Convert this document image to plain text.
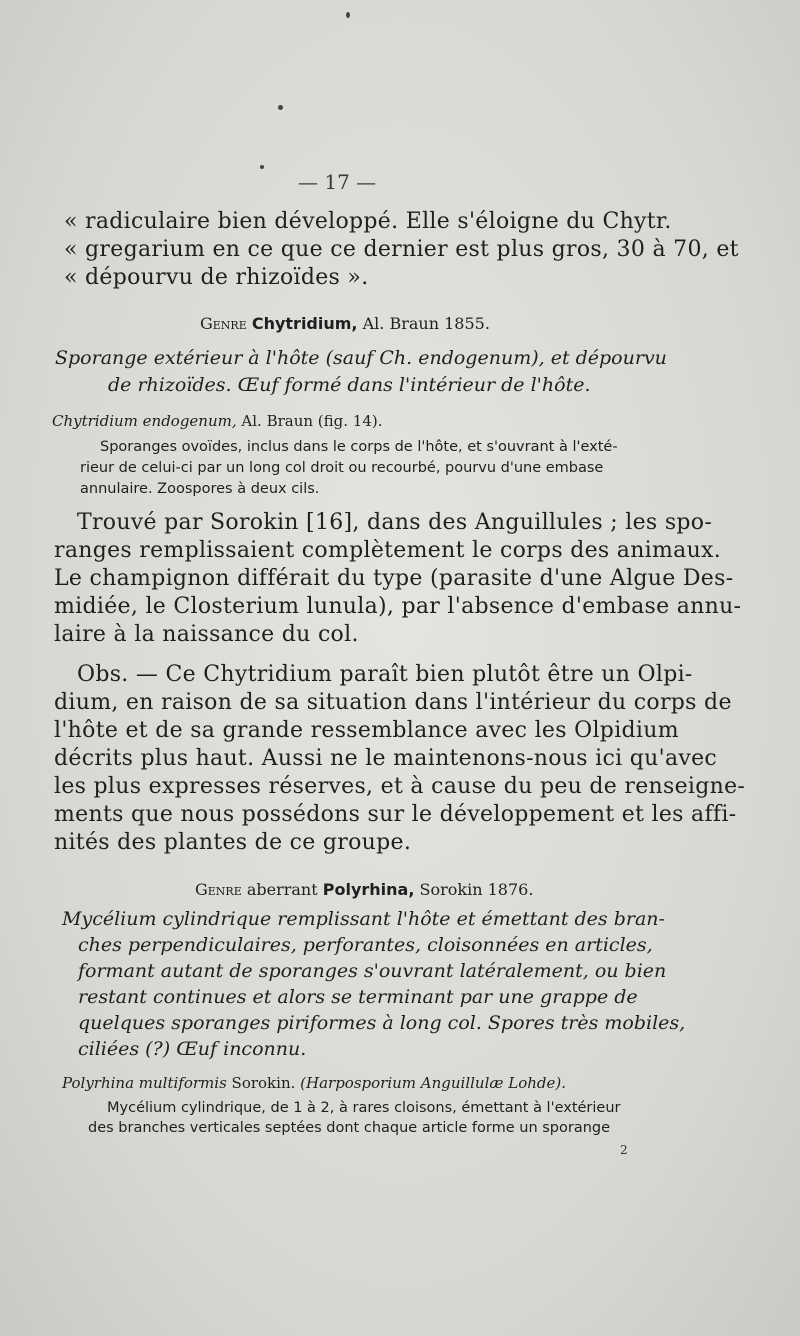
— 17 —
« radiculaire bien développé. Elle s'éloigne du Chytr.
« gregarium en ce que ce dernier est plus gros, 30 à 70, et
« dépourvu de rhizoïdes ».
Genre Chytridium, Al. Braun 1855.
Sporange extérieur à l'hôte (sauf Ch. endogenum), et dépourvu
de rhizoïdes. Œuf formé dans l'intérieur de l'hôte.
Chytridium endogenum, Al. Braun (fig. 14).
Sporanges ovoïdes, inclus dans le corps de l'hôte, et s'ouvrant à l'exté-
rieur de celui-ci par un long col droit ou recourbé, pourvu d'une embase
annulaire. Zoospores à deux cils.
Trouvé par Sorokin [16], dans des Anguillules ; les spo-
ranges remplissaient complètement le corps des animaux.
Le champignon différait du type (parasite d'une Algue Des-
midiée, le Closterium lunula), par l'absence d'embase annu-
laire à la naissance du col.
Obs. — Ce Chytridium paraît bien plutôt être un Olpi-
dium, en raison de sa situation dans l'intérieur du corps de
l'hôte et de sa grande ressemblance avec les Olpidium
décrits plus haut. Aussi ne le maintenons-nous ici qu'avec
les plus expresses réserves, et à cause du peu de renseigne-
ments que nous possédons sur le développement et les affi-
nités des plantes de ce groupe.
Genre aberrant Polyrhina, Sorokin 1876.
Mycélium cylindrique remplissant l'hôte et émettant des bran-
ches perpendiculaires, perforantes, cloisonnées en articles,
formant autant de sporanges s'ouvrant latéralement, ou bien
restant continues et alors se terminant par une grappe de
quelques sporanges piriformes à long col. Spores très mobiles,
ciliées (?) Œuf inconnu.
Polyrhina multiformis Sorokin. (Harposporium Anguillulæ Lohde).
Mycélium cylindrique, de 1 à 2, à rares cloisons, émettant à l'extérieur
des branches verticales septées dont chaque article forme un sporange
2
